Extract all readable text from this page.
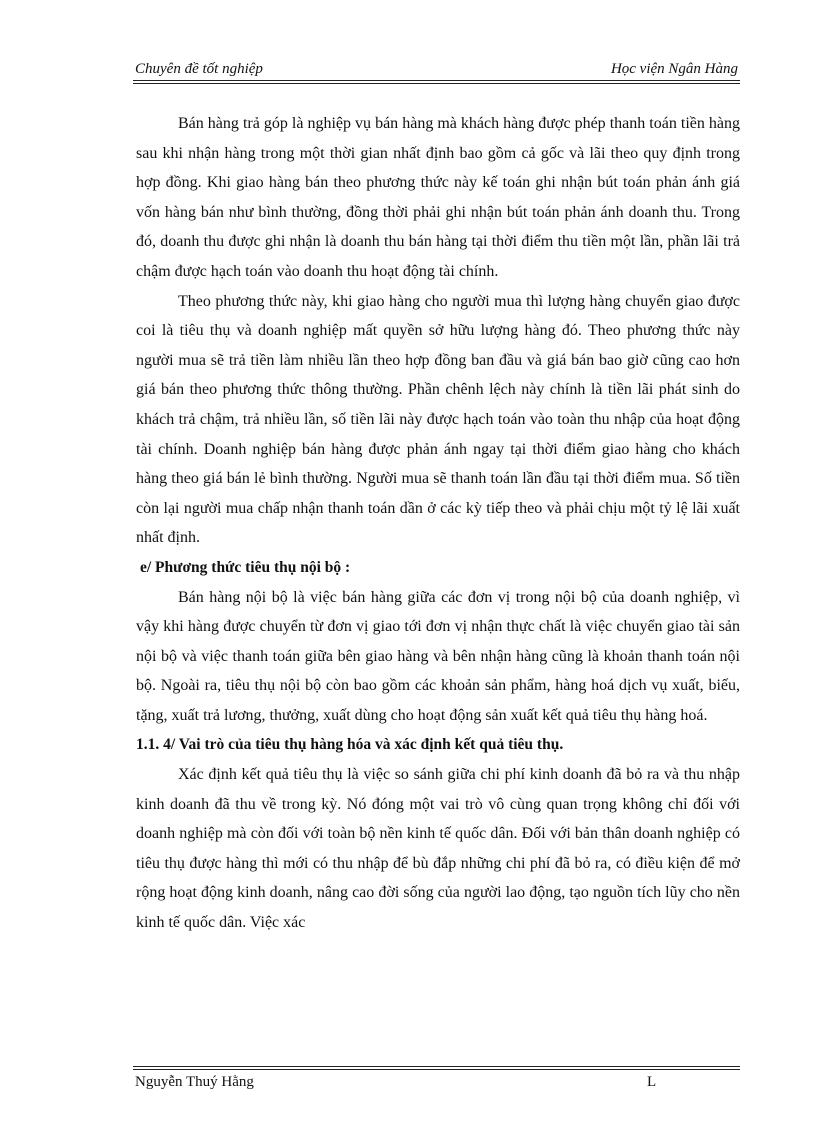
Chuyên đề tốt nghiệp	Học viện Ngân Hàng

Bán hàng trả góp là nghiệp vụ bán hàng mà khách hàng được phép thanh toán tiền hàng sau khi nhận hàng trong một thời gian nhất định bao gồm cả gốc và lãi theo quy định trong hợp đồng. Khi giao hàng bán theo phương thức này kế toán ghi nhận bút toán phản ánh giá vốn hàng bán như bình thường, đồng thời phải ghi nhận bút toán phản ánh doanh thu. Trong đó, doanh thu được ghi nhận là doanh thu bán hàng tại thời điểm thu tiền một lần, phần lãi trả chậm được hạch toán vào doanh thu hoạt động tài chính.

Theo phương thức này, khi giao hàng cho người mua thì lượng hàng chuyển giao được coi là tiêu thụ và doanh nghiệp mất quyền sở hữu lượng hàng đó. Theo phương thức này người mua sẽ trả tiền làm nhiều lần theo hợp đồng ban đầu và giá bán bao giờ cũng cao hơn giá bán theo phương thức thông thường. Phần chênh lệch này chính là tiền lãi phát sinh do khách trả chậm, trả nhiều lần, số tiền lãi này được hạch toán vào toàn thu nhập của hoạt động tài chính. Doanh nghiệp bán hàng được phản ánh ngay tại thời điểm giao hàng cho khách hàng theo giá bán lẻ bình thường. Người mua sẽ thanh toán lần đầu tại thời điểm mua. Số tiền còn lại người mua chấp nhận thanh toán dần ở các kỳ tiếp theo và phải chịu một tỷ lệ lãi xuất nhất định.

e/ Phương thức tiêu thụ nội bộ :

Bán hàng nội bộ là việc bán hàng giữa các đơn vị trong nội bộ của doanh nghiệp, vì vậy khi hàng được chuyển từ đơn vị giao tới đơn vị nhận thực chất là việc chuyển giao tài sản nội bộ và việc thanh toán giữa bên giao hàng và bên nhận hàng cũng là khoản thanh toán nội bộ. Ngoài ra, tiêu thụ nội bộ còn bao gồm các khoản sản phẩm, hàng hoá dịch vụ xuất, biếu, tặng, xuất trả lương, thưởng, xuất dùng cho hoạt động sản xuất kết quả tiêu thụ hàng hoá.

1.1. 4/ Vai trò của tiêu thụ hàng hóa và xác định kết quả tiêu thụ.

Xác định kết quả tiêu thụ là việc so sánh giữa chi phí kinh doanh đã bỏ ra và thu nhập kinh doanh đã thu về trong kỳ. Nó đóng một vai trò vô cùng quan trọng không chỉ đối với doanh nghiệp mà còn đối với toàn bộ nền kinh tế quốc dân. Đối với bản thân doanh nghiệp có tiêu thụ được hàng thì mới có thu nhập để bù đắp những chi phí đã bỏ ra, có điều kiện để mở rộng hoạt động kinh doanh, nâng cao đời sống của người lao động, tạo nguồn tích lũy cho nền kinh tế quốc dân. Việc xác

Nguyễn Thuý Hằng	L
